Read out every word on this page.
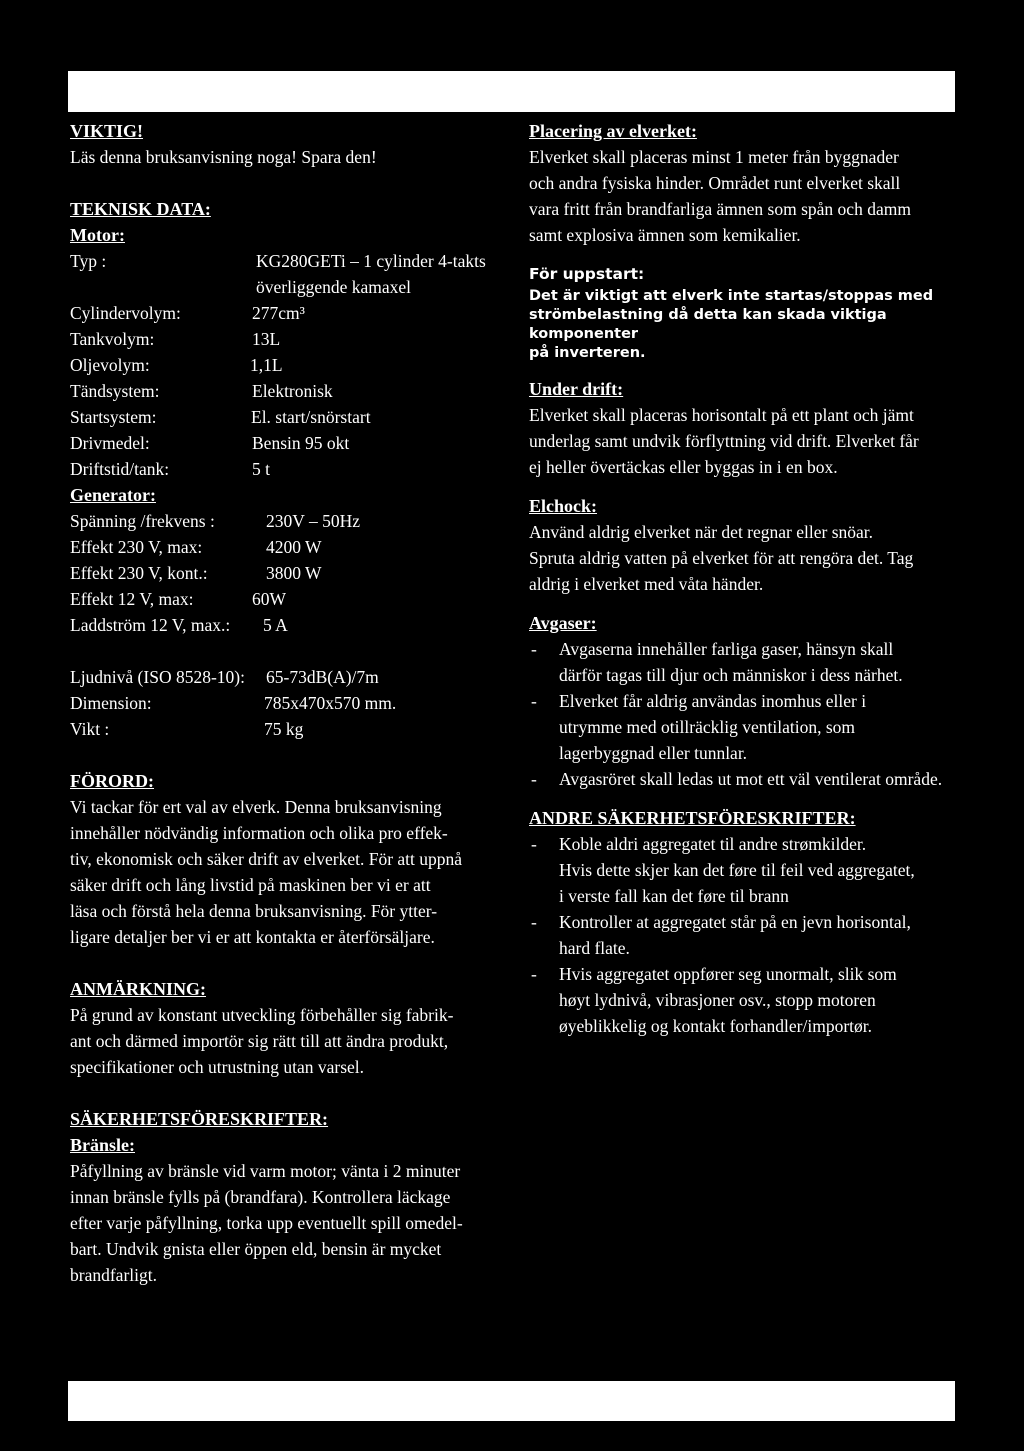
VIKTIG!
Läs denna bruksanvisning noga! Spara den!
TEKNISK DATA:
Motor:
Typ :	KG280GETi – 1 cylinder 4-takts
överliggende kamaxel
Cylindervolym:	277cm³
Tankvolym:	13L
Oljevolym:	1,1L
Tändsystem:	Elektronisk
Startsystem:	El. start/snörstart
Drivmedel:	Bensin 95 okt
Driftstid/tank:	5 t
Generator:
Spänning /frekvens :	230V – 50Hz
Effekt 230 V, max:	4200 W
Effekt 230 V, kont.:	3800 W
Effekt 12 V, max:	60W
Laddström 12 V, max.: 5 A
Ljudnivå (ISO 8528-10): 65-73dB(A)/7m
Dimension:	785x470x570 mm.
Vikt :	75 kg
FÖRORD:
Vi tackar för ert val av elverk. Denna bruksanvisning
innehåller nödvändig information och olika pro effek-
tiv, ekonomisk och säker drift av elverket. För att uppnå
säker drift och lång livstid på maskinen ber vi er att
läsa och förstå hela denna bruksanvisning. För ytter-
ligare detaljer ber vi er att kontakta er återförsäljare.
ANMÄRKNING:
På grund av konstant utveckling förbehåller sig fabrik-
ant och därmed importör sig rätt till att ändra produkt,
specifikationer och utrustning utan varsel.
SÄKERHETSFÖRESKRIFTER:
Bränsle:
Påfyllning av bränsle vid varm motor; vänta i 2 minuter
innan bränsle fylls på (brandfara). Kontrollera läckage
efter varje påfyllning, torka upp eventuellt spill omedel-
bart. Undvik gnista eller öppen eld, bensin är mycket
brandfarligt.
Placering av elverket:
Elverket skall placeras minst 1 meter från byggnader
och andra fysiska hinder. Området runt elverket skall
vara fritt från brandfarliga ämnen som spån och damm
samt explosiva ämnen som kemikalier.
För uppstart:
Det är viktigt att elverk inte startas/stoppas med
strömbelastning då detta kan skada viktiga komponenter
på inverteren.
Under drift:
Elverket skall placeras horisontalt på ett plant och jämt
underlag samt undvik förflyttning vid drift. Elverket får
ej heller övertäckas eller byggas in i en box.
Elchock:
Använd aldrig elverket när det regnar eller snöar.
Spruta aldrig vatten på elverket för att rengöra det. Tag
aldrig i elverket med våta händer.
Avgaser:
- Avgaserna innehåller farliga gaser, hänsyn skall
därför tagas till djur och människor i dess närhet.
- Elverket får aldrig användas inomhus eller i
utrymme med otillräcklig ventilation, som
lagerbyggnad eller tunnlar.
- Avgasröret skall ledas ut mot ett väl ventilerat område.
ANDRE SÄKERHETSFÖRESKRIFTER:
- Koble aldri aggregatet til andre strømkilder.
Hvis dette skjer kan det føre til feil ved aggregatet,
i verste fall kan det føre til brann
- Kontroller at aggregatet står på en jevn horisontal,
hard flate.
- Hvis aggregatet oppfører seg unormalt, slik som
høyt lydnivå, vibrasjoner osv., stopp motoren
øyeblikkelig og kontakt forhandler/importør.
